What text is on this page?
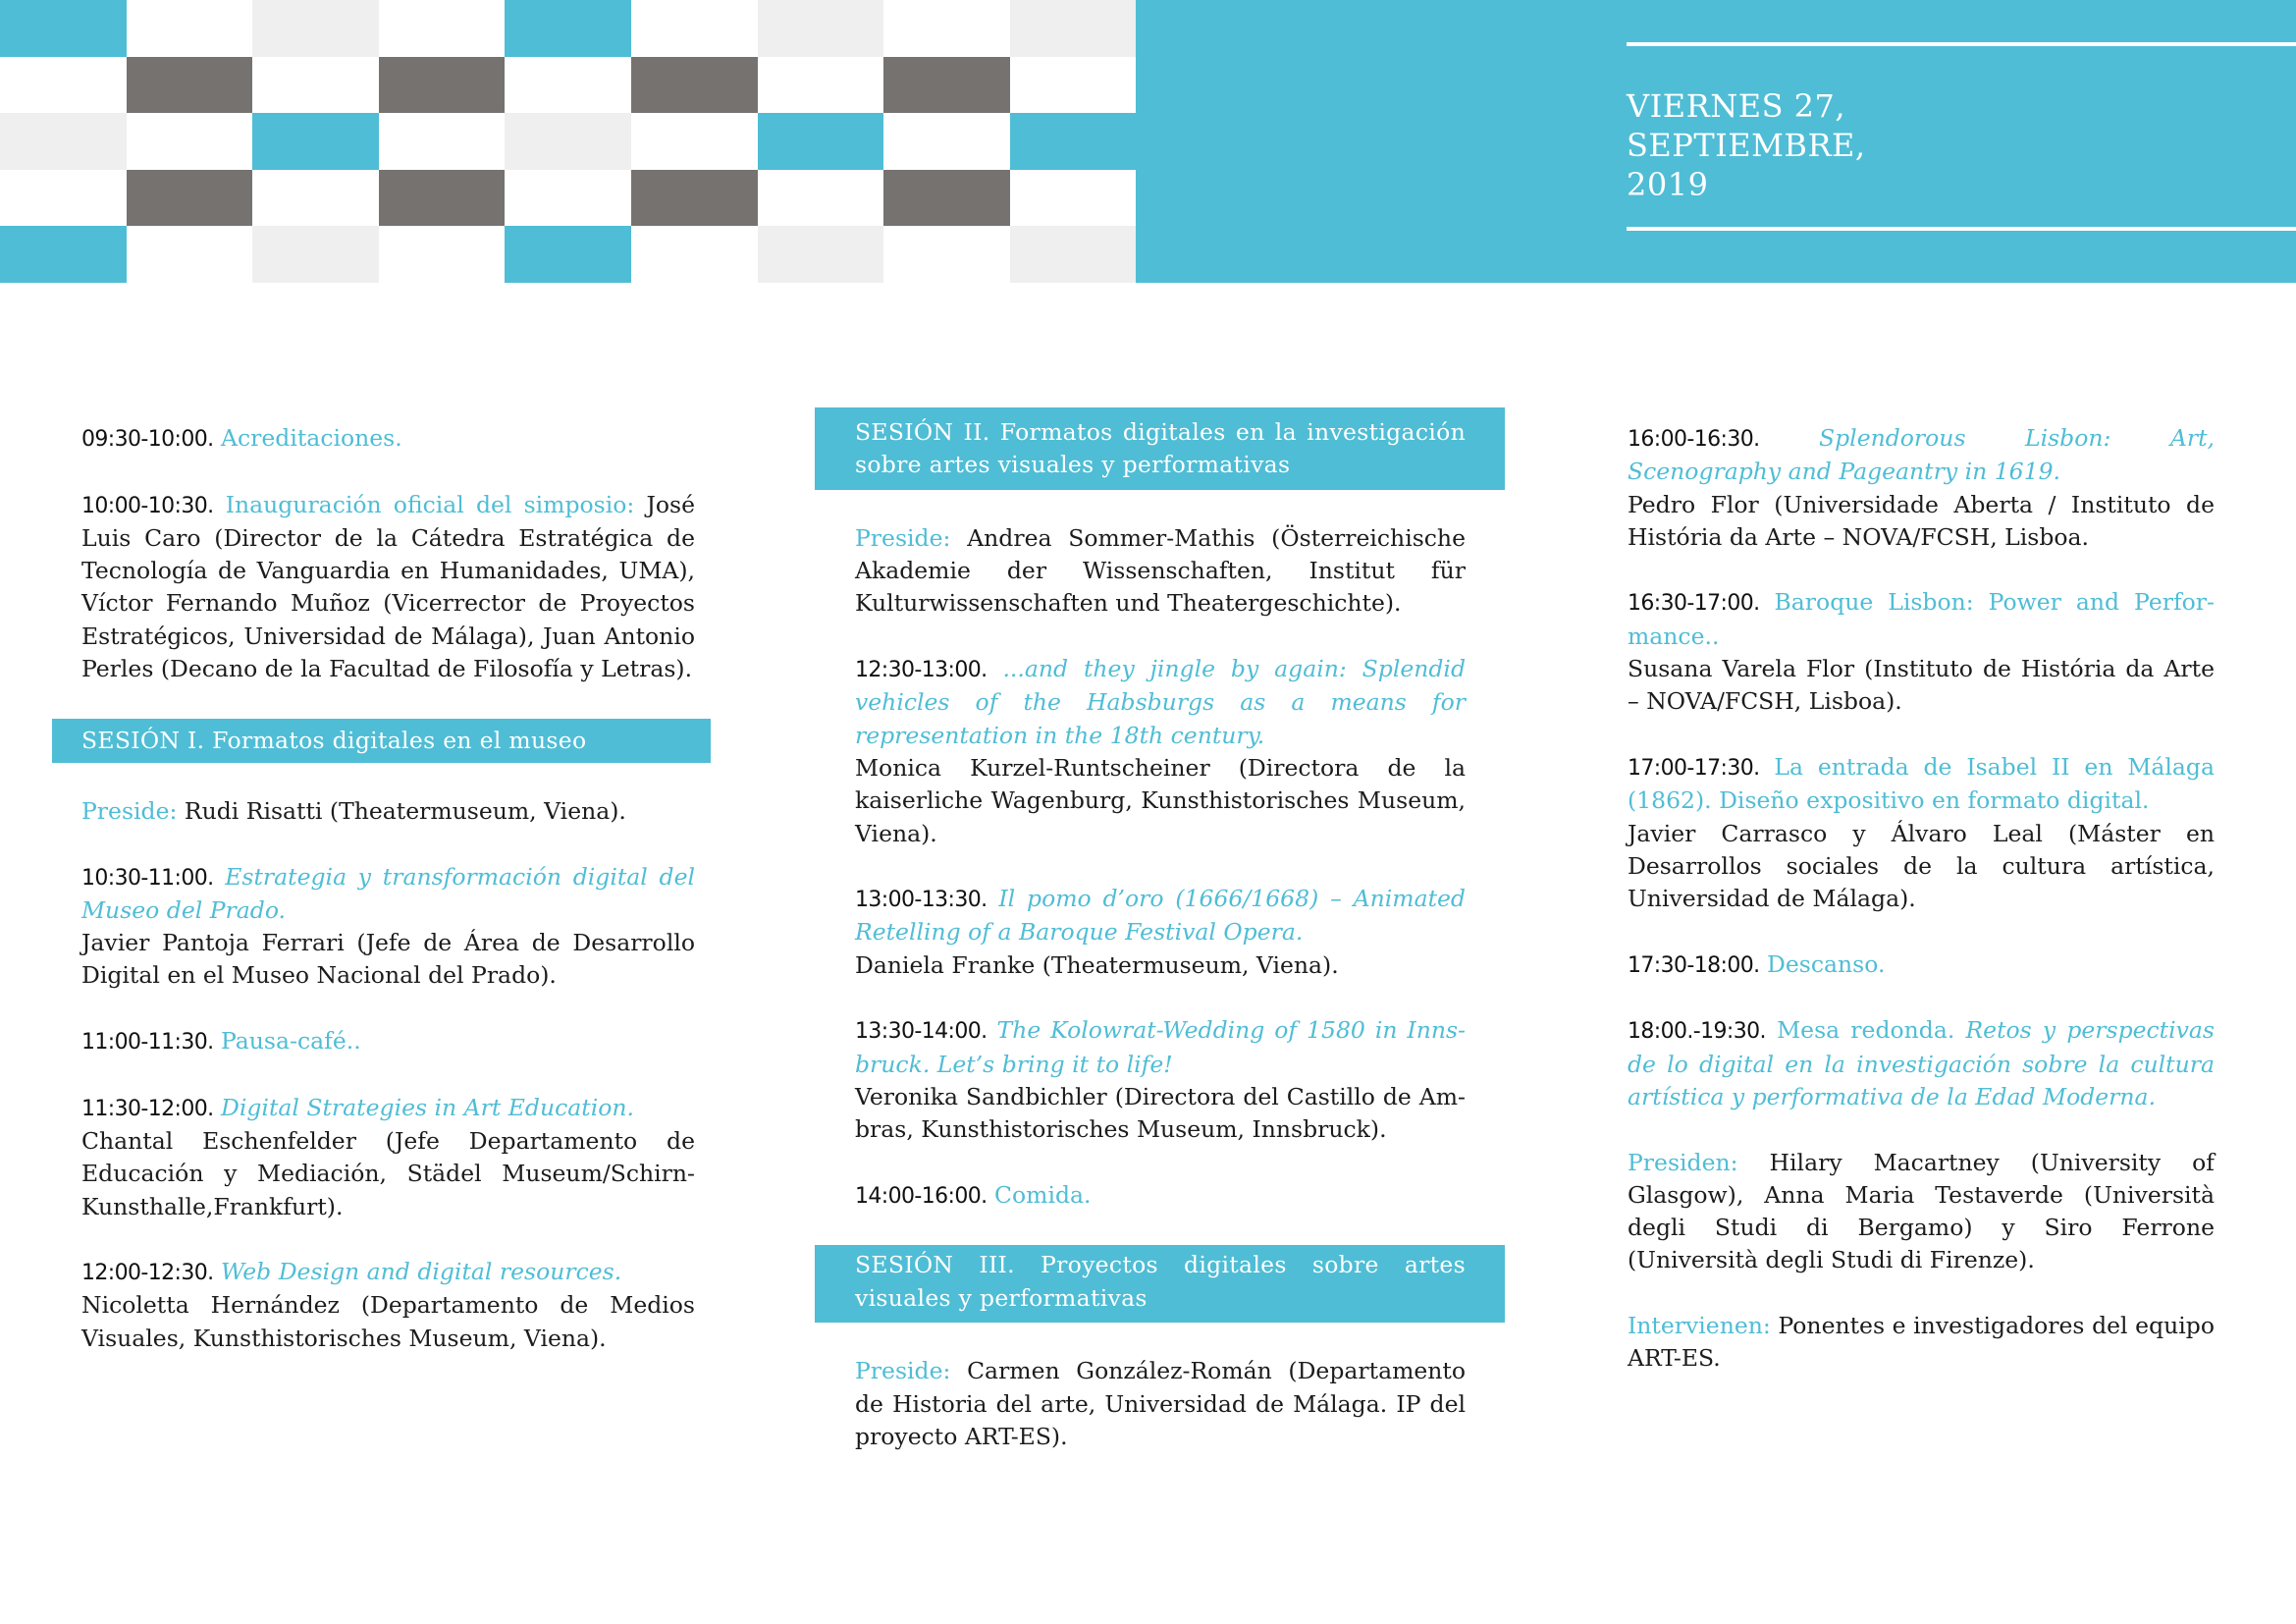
VIERNES 27,
SEPTIEMBRE,
2019

09:30-10:00. Acreditaciones.

10:00-10:30. Inauguración oficial del simposio: José Luis Caro (Director de la Cátedra Estratégica de Tecnología de Vanguardia en Humanidades, UMA), Víctor Fernando Muñoz (Vicerrector de Proyectos Estratégicos, Universidad de Málaga), Juan Antonio Perles (Decano de la Facultad de Filosofía y Letras).

SESIÓN I. Formatos digitales en el museo

Preside: Rudi Risatti (Theatermuseum, Viena).

10:30-11:00. Estrategia y transformación digital del Museo del Prado.
Javier Pantoja Ferrari (Jefe de Área de Desarrollo Digital en el Museo Nacional del Prado).

11:00-11:30. Pausa-café..

11:30-12:00. Digital Strategies in Art Education.
Chantal Eschenfelder (Jefe Departamento de Educación y Mediación, Städel Museum/Schirn-Kunsthalle,Frankfurt).

12:00-12:30. Web Design and digital resources.
Nicoletta Hernández (Departamento de Medios Visuales, Kunsthistorisches Museum, Viena).

SESIÓN II. Formatos digitales en la investigación sobre artes visuales y performativas

Preside: Andrea Sommer-Mathis (Österreichische Akademie der Wissenschaften, Institut für Kulturwissenschaften und Theatergeschichte).

12:30-13:00. ...and they jingle by again: Splendid vehicles of the Habsburgs as a means for representation in the 18th century.
Monica Kurzel-Runtscheiner (Directora de la kaiserliche Wagenburg, Kunsthistorisches Museum, Viena).

13:00-13:30. Il pomo d’oro (1666/1668) – Animated Retelling of a Baroque Festival Opera.
Daniela Franke (Theatermuseum, Viena).

13:30-14:00. The Kolowrat-Wedding of 1580 in Innsbruck. Let’s bring it to life!
Veronika Sandbichler (Directora del Castillo de Ambras, Kunsthistorisches Museum, Innsbruck).

14:00-16:00. Comida.

SESIÓN III. Proyectos digitales sobre artes visuales y performativas

Preside: Carmen González-Román (Departamento de Historia del arte, Universidad de Málaga. IP del proyecto ART-ES).

16:00-16:30.	Splendorous Lisbon: Art, Scenography and Pageantry in 1619.
Pedro Flor (Universidade Aberta / Instituto de História da Arte – NOVA/FCSH, Lisboa.

16:30-17:00. Baroque Lisbon: Power and Performance..
Susana Varela Flor (Instituto de História da Arte – NOVA/FCSH, Lisboa).

17:00-17:30. La entrada de Isabel II en Málaga (1862). Diseño expositivo en formato digital.
Javier Carrasco y Álvaro Leal (Máster en Desarrollos sociales de la cultura artística, Universidad de Málaga).

17:30-18:00. Descanso.

18:00.-19:30. Mesa redonda. Retos y perspectivas de lo digital en la investigación sobre la cultura artística y performativa de la Edad Moderna.

Presiden: Hilary Macartney (University of Glasgow), Anna Maria Testaverde (Università degli Studi di Bergamo) y Siro Ferrone (Università degli Studi di Firenze).

Intervienen: Ponentes e investigadores del equipo ART-ES.
